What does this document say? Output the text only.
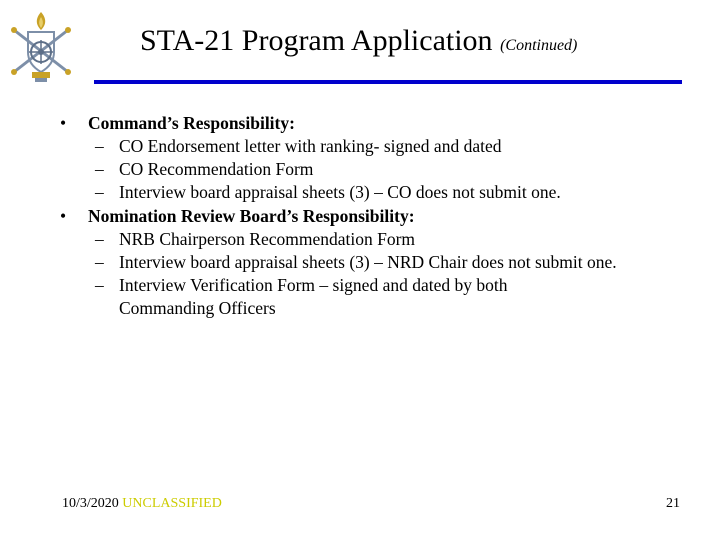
STA-21 Program Application (Continued)
• Command’s Responsibility:
– CO Endorsement letter with ranking- signed and dated
– CO Recommendation Form
– Interview board appraisal sheets (3) – CO does not submit one.
• Nomination Review Board’s Responsibility:
– NRB Chairperson Recommendation Form
– Interview board appraisal sheets (3) – NRD Chair does not submit one.
– Interview Verification Form – signed and dated by both Commanding Officers
10/3/2020 UNCLASSIFIED	21
